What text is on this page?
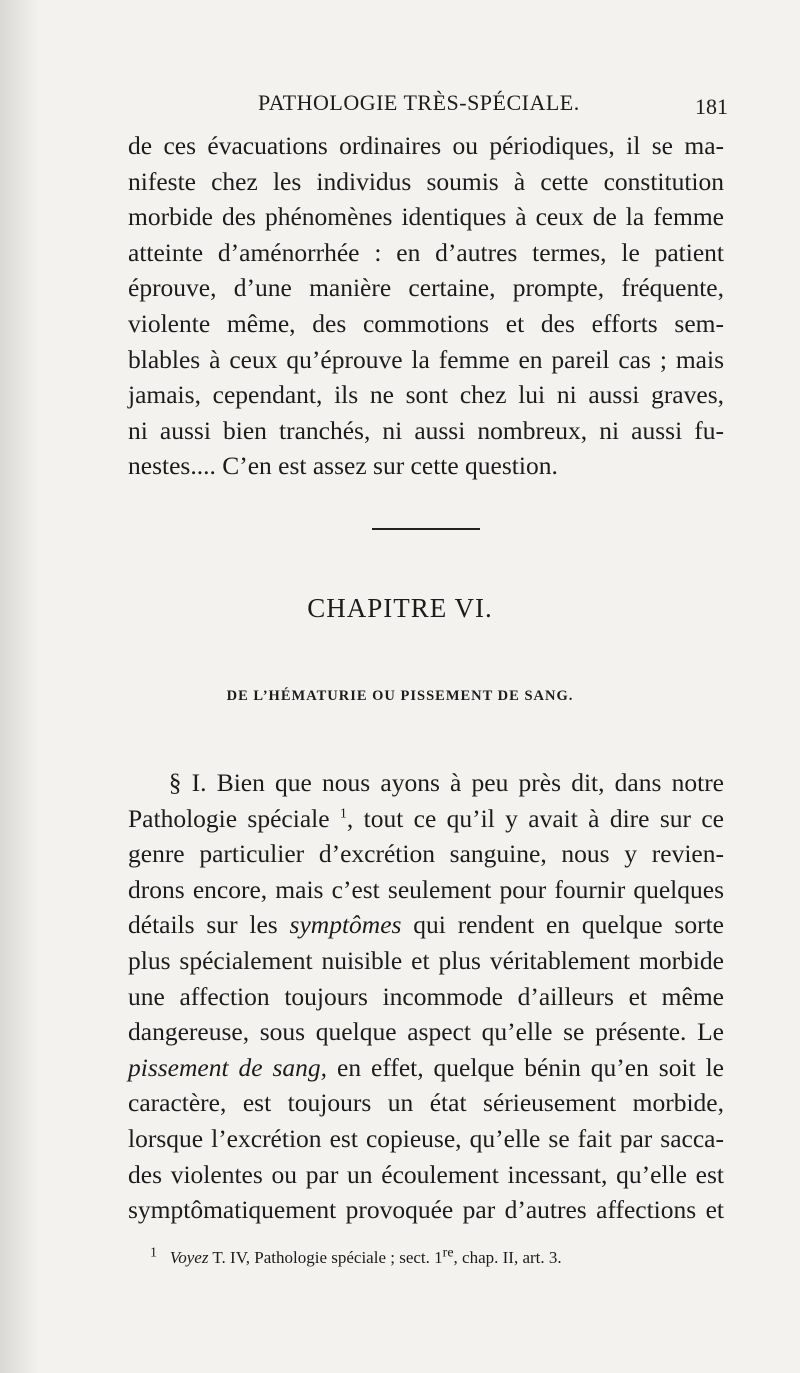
PATHOLOGIE TRÈS-SPÉCIALE.	181
de ces évacuations ordinaires ou périodiques, il se ma-
nifeste chez les individus soumis à cette constitution
morbide des phénomènes identiques à ceux de la femme
atteinte d’aménorrhée : en d’autres termes, le patient
éprouve, d’une manière certaine, prompte, fréquente,
violente même, des commotions et des efforts sem-
blables à ceux qu’éprouve la femme en pareil cas ; mais
jamais, cependant, ils ne sont chez lui ni aussi graves,
ni aussi bien tranchés, ni aussi nombreux, ni aussi fu-
nestes.... C’en est assez sur cette question.
CHAPITRE VI.
DE L’HÉMATURIE OU PISSEMENT DE SANG.
§ I. Bien que nous ayons à peu près dit, dans notre
Pathologie spéciale $^1$, tout ce qu’il y avait à dire sur ce
genre particulier d’excrétion sanguine, nous y revien-
drons encore, mais c’est seulement pour fournir quelques
détails sur les symptômes qui rendent en quelque sorte
plus spécialement nuisible et plus véritablement morbide
une affection toujours incommode d’ailleurs et même
dangereuse, sous quelque aspect qu’elle se présente. Le
pissement de sang, en effet, quelque bénin qu’en soit le
caractère, est toujours un état sérieusement morbide,
lorsque l’excrétion est copieuse, qu’elle se fait par sacca-
des violentes ou par un écoulement incessant, qu’elle est
symptômatiquement provoquée par d’autres affections et
$^1$ Voyez T. IV, Pathologie spéciale ; sect. 1re, chap. II, art. 3.
